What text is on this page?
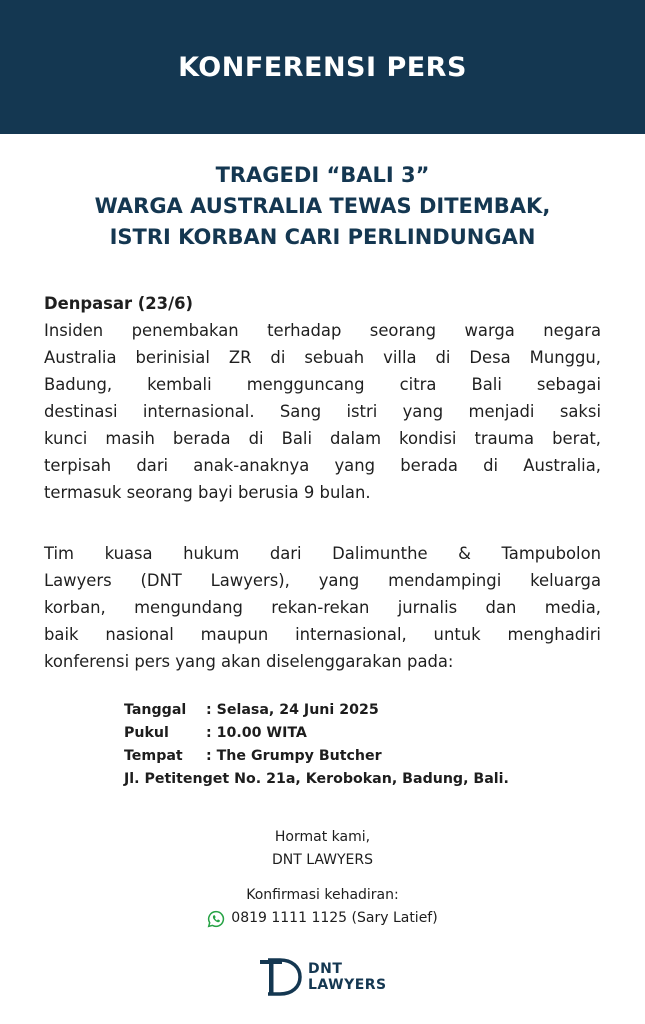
KONFERENSI PERS
TRAGEDI “BALI 3”
WARGA AUSTRALIA TEWAS DITEMBAK,
ISTRI KORBAN CARI PERLINDUNGAN
Denpasar (23/6)
Insiden penembakan terhadap seorang warga negara
Australia berinisial ZR di sebuah villa di Desa Munggu,
Badung, kembali mengguncang citra Bali sebagai
destinasi internasional. Sang istri yang menjadi saksi
kunci masih berada di Bali dalam kondisi trauma berat,
terpisah dari anak-anaknya yang berada di Australia,
termasuk seorang bayi berusia 9 bulan.
Tim kuasa hukum dari Dalimunthe & Tampubolon
Lawyers (DNT Lawyers), yang mendampingi keluarga
korban, mengundang rekan-rekan jurnalis dan media,
baik nasional maupun internasional, untuk menghadiri
konferensi pers yang akan diselenggarakan pada:
Tanggal	: Selasa, 24 Juni 2025
Pukul	: 10.00 WITA
Tempat	: The Grumpy Butcher
Jl. Petitenget No. 21a, Kerobokan, Badung, Bali.
Hormat kami,
DNT LAWYERS
Konfirmasi kehadiran:
0819 1111 1125 (Sary Latief)
DNT
LAWYERS
